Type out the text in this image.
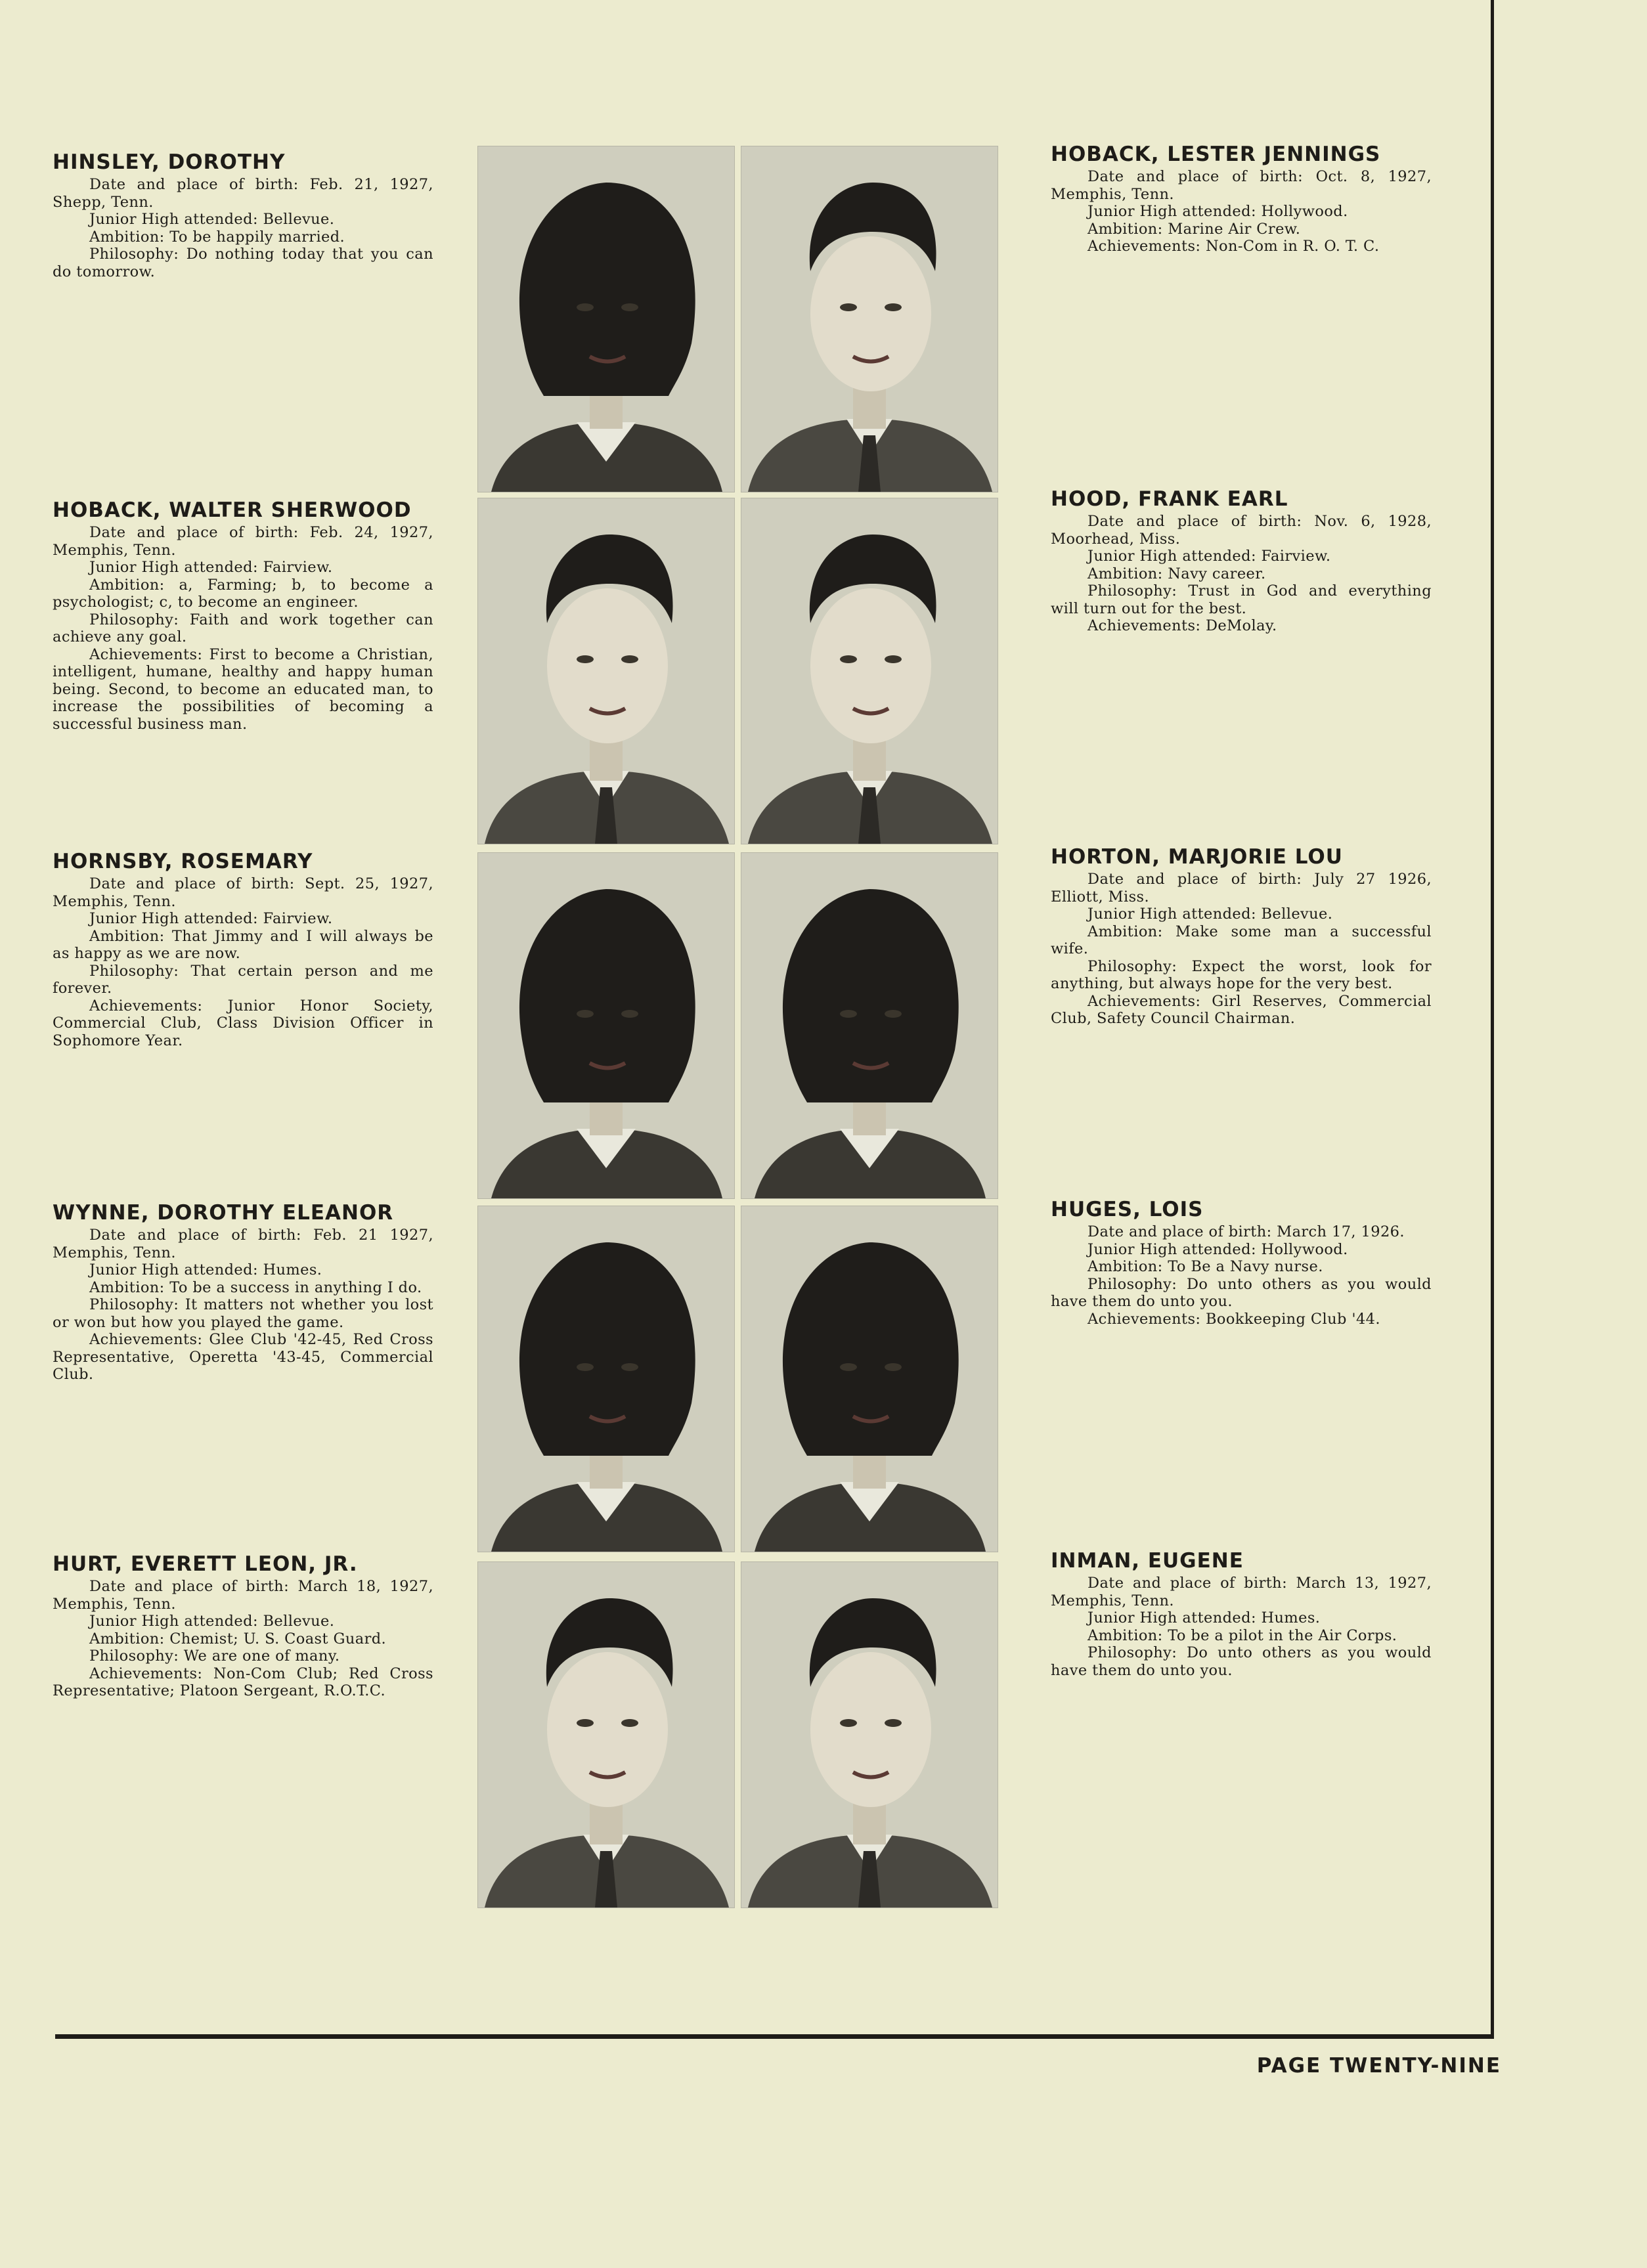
PAGE TWENTY-NINE
HINSLEY, DOROTHY

Date and place of birth: Feb. 21, 1927, Shepp, Tenn.

Junior High attended: Bellevue.

Ambition: To be happily married.

Philosophy: Do nothing today that you can do tomorrow.

HOBACK, WALTER SHERWOOD

Date and place of birth: Feb. 24, 1927, Memphis, Tenn.

Junior High attended: Fairview.

Ambition: a, Farming; b, to become a psychologist; c, to become an engineer.

Philosophy: Faith and work together can achieve any goal.

Achievements: First to become a Christian, intelligent, humane, healthy and happy human being. Second, to become an educated man, to increase the possibilities of becoming a successful business man.

HORNSBY, ROSEMARY

Date and place of birth: Sept. 25, 1927, Memphis, Tenn.

Junior High attended: Fairview.

Ambition: That Jimmy and I will always be as happy as we are now.

Philosophy: That certain person and me forever.

Achievements: Junior Honor Society, Commercial Club, Class Division Officer in Sophomore Year.

WYNNE, DOROTHY ELEANOR

Date and place of birth: Feb. 21 1927, Memphis, Tenn.

Junior High attended: Humes.

Ambition: To be a success in anything I do.

Philosophy: It matters not whether you lost or won but how you played the game.

Achievements: Glee Club '42-45, Red Cross Representative, Operetta '43-45, Commercial Club.

HURT, EVERETT LEON, JR.

Date and place of birth: March 18, 1927, Memphis, Tenn.

Junior High attended: Bellevue.

Ambition: Chemist; U. S. Coast Guard.

Philosophy: We are one of many.

Achievements: Non-Com Club; Red Cross Representative; Platoon Sergeant, R.O.T.C.

HOBACK, LESTER JENNINGS

Date and place of birth: Oct. 8, 1927, Memphis, Tenn.

Junior High attended: Hollywood.

Ambition: Marine Air Crew.

Achievements: Non-Com in R. O. T. C.

HOOD, FRANK EARL

Date and place of birth: Nov. 6, 1928, Moorhead, Miss.

Junior High attended: Fairview.

Ambition: Navy career.

Philosophy: Trust in God and everything will turn out for the best.

Achievements: DeMolay.

HORTON, MARJORIE LOU

Date and place of birth: July 27 1926, Elliott, Miss.

Junior High attended: Bellevue.

Ambition: Make some man a successful wife.

Philosophy: Expect the worst, look for anything, but always hope for the very best.

Achievements: Girl Reserves, Commercial Club, Safety Council Chairman.

HUGES, LOIS

Date and place of birth: March 17, 1926.

Junior High attended: Hollywood.

Ambition: To Be a Navy nurse.

Philosophy: Do unto others as you would have them do unto you.

Achievements: Bookkeeping Club '44.

INMAN, EUGENE

Date and place of birth: March 13, 1927, Memphis, Tenn.

Junior High attended: Humes.

Ambition: To be a pilot in the Air Corps.

Philosophy: Do unto others as you would have them do unto you.
